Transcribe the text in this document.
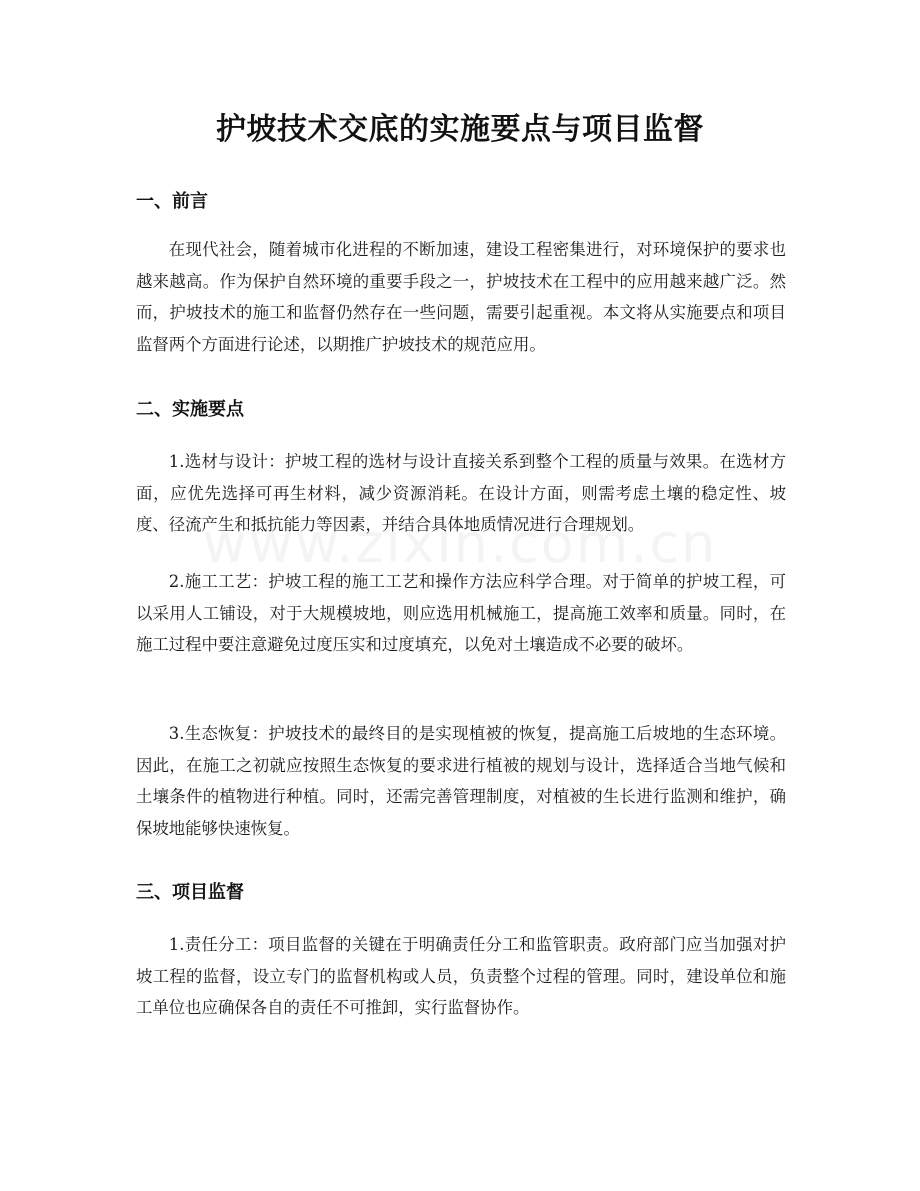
护坡技术交底的实施要点与项目监督
一、前言

在现代社会，随着城市化进程的不断加速，建设工程密集进行，对环境保护的要求也越来越高。作为保护自然环境的重要手段之一，护坡技术在工程中的应用越来越广泛。然而，护坡技术的施工和监督仍然存在一些问题，需要引起重视。本文将从实施要点和项目监督两个方面进行论述，以期推广护坡技术的规范应用。

二、实施要点

1.选材与设计：护坡工程的选材与设计直接关系到整个工程的质量与效果。在选材方面，应优先选择可再生材料，减少资源消耗。在设计方面，则需考虑土壤的稳定性、坡度、径流产生和抵抗能力等因素，并结合具体地质情况进行合理规划。

2.施工工艺：护坡工程的施工工艺和操作方法应科学合理。对于简单的护坡工程，可以采用人工铺设，对于大规模坡地，则应选用机械施工，提高施工效率和质量。同时，在施工过程中要注意避免过度压实和过度填充，以免对土壤造成不必要的破坏。

3.生态恢复：护坡技术的最终目的是实现植被的恢复，提高施工后坡地的生态环境。因此，在施工之初就应按照生态恢复的要求进行植被的规划与设计，选择适合当地气候和土壤条件的植物进行种植。同时，还需完善管理制度，对植被的生长进行监测和维护，确保坡地能够快速恢复。

三、项目监督

1.责任分工：项目监督的关键在于明确责任分工和监管职责。政府部门应当加强对护坡工程的监督，设立专门的监督机构或人员，负责整个过程的管理。同时，建设单位和施工单位也应确保各自的责任不可推卸，实行监督协作。
